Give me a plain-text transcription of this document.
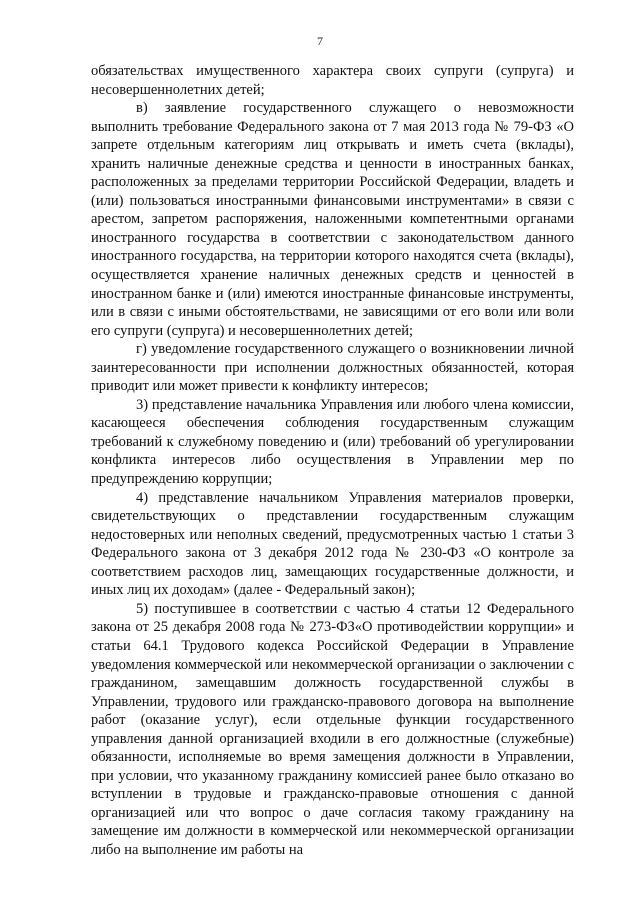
7

обязательствах имущественного характера своих супруги (супруга) и несовершеннолетних детей;

в) заявление государственного служащего о невозможности выполнить требование Федерального закона от 7 мая 2013 года № 79-ФЗ «О запрете отдельным категориям лиц открывать и иметь счета (вклады), хранить наличные денежные средства и ценности в иностранных банках, расположенных за пределами территории Российской Федерации, владеть и (или) пользоваться иностранными финансовыми инструментами» в связи с арестом, запретом распоряжения, наложенными компетентными органами иностранного государства в соответствии с законодательством данного иностранного государства, на территории которого находятся счета (вклады), осуществляется хранение наличных денежных средств и ценностей в иностранном банке и (или) имеются иностранные финансовые инструменты, или в связи с иными обстоятельствами, не зависящими от его воли или воли его супруги (супруга) и несовершеннолетних детей;

г) уведомление государственного служащего о возникновении личной заинтересованности при исполнении должностных обязанностей, которая приводит или может привести к конфликту интересов;

3) представление начальника Управления или любого члена комиссии, касающееся обеспечения соблюдения государственным служащим требований к служебному поведению и (или) требований об урегулировании конфликта интересов либо осуществления в Управлении мер по предупреждению коррупции;

4) представление начальником Управления материалов проверки, свидетельствующих о представлении государственным служащим недостоверных или неполных сведений, предусмотренных частью 1 статьи 3 Федерального закона от 3 декабря 2012 года № 230-ФЗ «О контроле за соответствием расходов лиц, замещающих государственные должности, и иных лиц их доходам» (далее - Федеральный закон);

5) поступившее в соответствии с частью 4 статьи 12 Федерального закона от 25 декабря 2008 года № 273-ФЗ«О противодействии коррупции» и статьи 64.1 Трудового кодекса Российской Федерации в Управление уведомления коммерческой или некоммерческой организации о заключении с гражданином, замещавшим должность государственной службы в Управлении, трудового или гражданско-правового договора на выполнение работ (оказание услуг), если отдельные функции государственного управления данной организацией входили в его должностные (служебные) обязанности, исполняемые во время замещения должности в Управлении, при условии, что указанному гражданину комиссией ранее было отказано во вступлении в трудовые и гражданско-правовые отношения с данной организацией или что вопрос о даче согласия такому гражданину на замещение им должности в коммерческой или некоммерческой организации либо на выполнение им работы на
